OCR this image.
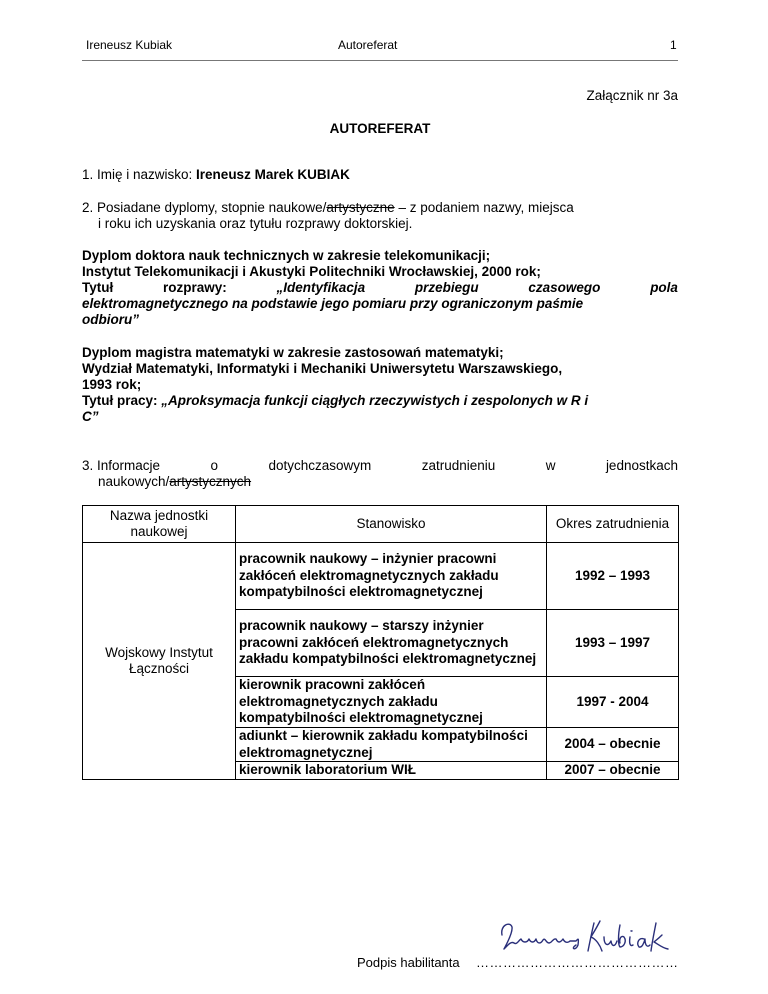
Ireneusz Kubiak	Autoreferat	1
Załącznik nr 3a
AUTOREFERAT
1. Imię i nazwisko: Ireneusz Marek KUBIAK
2. Posiadane dyplomy, stopnie naukowe/artystyczne – z podaniem nazwy, miejsca
i roku ich uzyskania oraz tytułu rozprawy doktorskiej.
Dyplom doktora nauk technicznych w zakresie telekomunikacji;
Instytut Telekomunikacji i Akustyki Politechniki Wrocławskiej, 2000 rok;
Tytuł	rozprawy:	„Identyfikacja	przebiegu	czasowego	pola
elektromagnetycznego na podstawie jego pomiaru przy ograniczonym paśmie
odbioru”
Dyplom magistra matematyki w zakresie zastosowań matematyki;
Wydział Matematyki, Informatyki i Mechaniki Uniwersytetu Warszawskiego,
1993 rok;
Tytuł pracy: „Aproksymacja funkcji ciągłych rzeczywistych i zespolonych w R i
C”
3. Informacje	o	dotychczasowym	zatrudnieniu	w	jednostkach
naukowych/artystycznych
Nazwa jednostki naukowej	Stanowisko	Okres zatrudnienia
Wojskowy Instytut Łączności	pracownik naukowy – inżynier pracowni zakłóceń elektromagnetycznych zakładu kompatybilności elektromagnetycznej	1992 – 1993
	pracownik naukowy – starszy inżynier pracowni zakłóceń elektromagnetycznych zakładu kompatybilności elektromagnetycznej	1993 – 1997
	kierownik pracowni zakłóceń elektromagnetycznych zakładu kompatybilności elektromagnetycznej	1997 - 2004
	adiunkt – kierownik zakładu kompatybilności elektromagnetycznej	2004 – obecnie
	kierownik laboratorium WIŁ	2007 – obecnie
Podpis habilitanta ………………………………………
